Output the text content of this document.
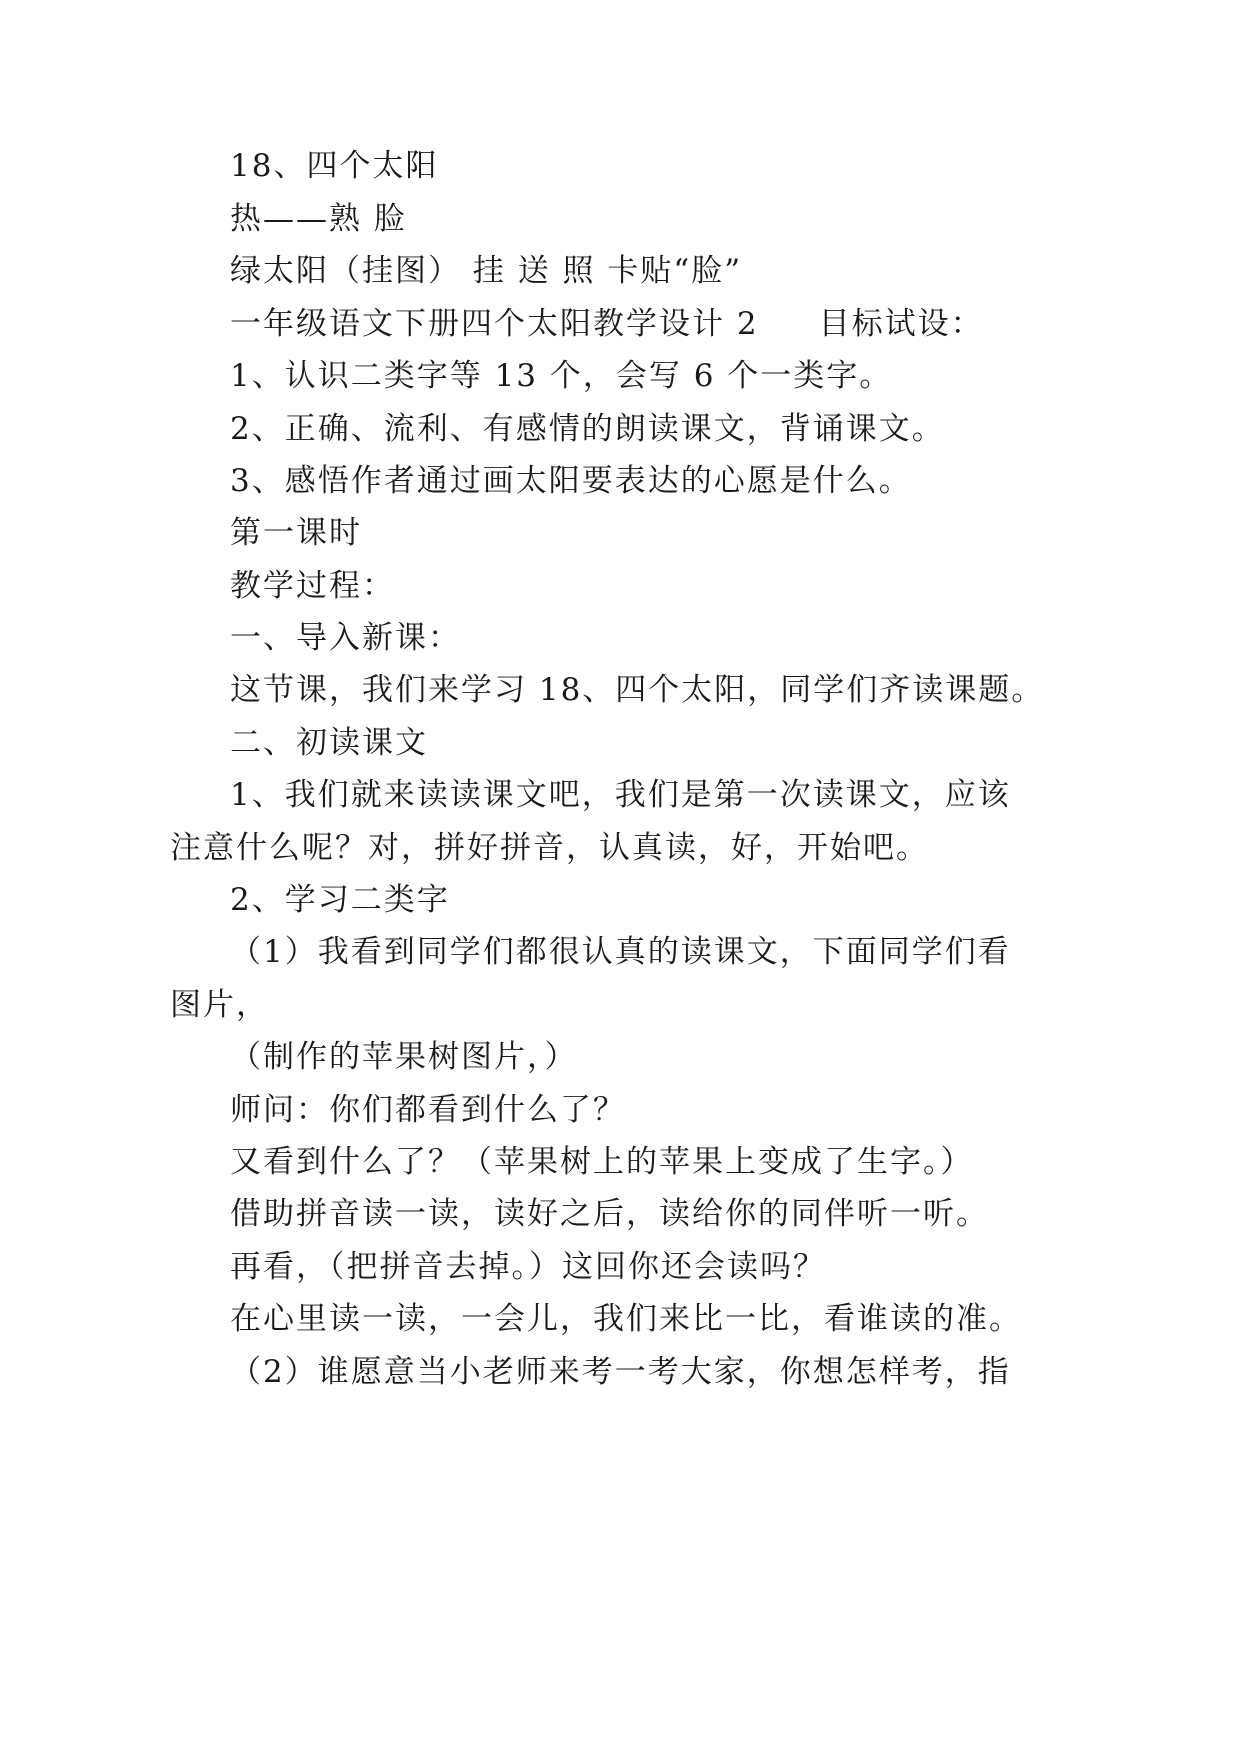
18、四个太阳
热——熟 脸
绿太阳（挂图） 挂 送 照 卡贴“脸”
一年级语文下册四个太阳教学设计 2 目标试设：
1、认识二类字等 13 个，会写 6 个一类字。
2、正确、流利、有感情的朗读课文，背诵课文。
3、感悟作者通过画太阳要表达的心愿是什么。
第一课时
教学过程：
一、导入新课：
这节课，我们来学习 18、四个太阳，同学们齐读课题。
二、初读课文
1、我们就来读读课文吧，我们是第一次读课文，应该
注意什么呢？对，拼好拼音，认真读，好，开始吧。
2、学习二类字
（1）我看到同学们都很认真的读课文，下面同学们看
图片，
（制作的苹果树图片，）
师问：你们都看到什么了？
又看到什么了？（苹果树上的苹果上变成了生字。）
借助拼音读一读，读好之后，读给你的同伴听一听。
再看，（把拼音去掉。）这回你还会读吗？
在心里读一读，一会儿，我们来比一比，看谁读的准。
（2）谁愿意当小老师来考一考大家，你想怎样考，指
